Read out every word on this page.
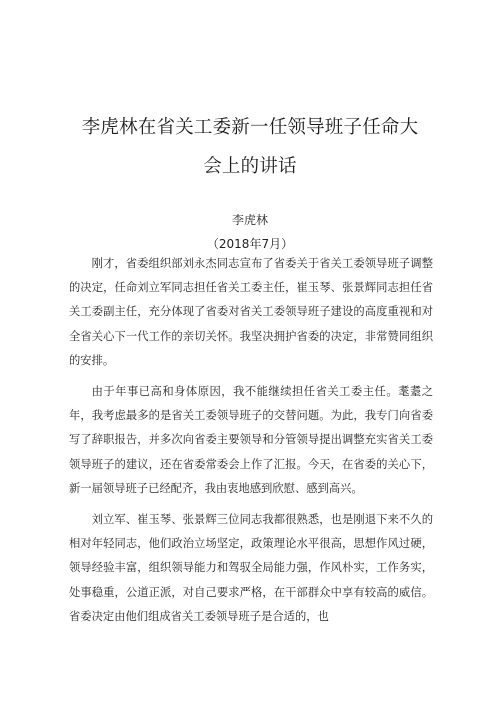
李虎林在省关工委新一任领导班子任命大
会上的讲话
李虎林
（2018年7月）

刚才，省委组织部刘永杰同志宣布了省委关于省关工委领导班子调整的决定，任命刘立军同志担任省关工委主任，崔玉琴、张景辉同志担任省关工委副主任，充分体现了省委对省关工委领导班子建设的高度重视和对全省关心下一代工作的亲切关怀。我坚决拥护省委的决定，非常赞同组织的安排。

由于年事已高和身体原因，我不能继续担任省关工委主任。耄耋之年，我考虑最多的是省关工委领导班子的交替问题。为此，我专门向省委写了辞职报告，并多次向省委主要领导和分管领导提出调整充实省关工委领导班子的建议，还在省委常委会上作了汇报。今天，在省委的关心下，新一届领导班子已经配齐，我由衷地感到欣慰、感到高兴。

刘立军、崔玉琴、张景辉三位同志我都很熟悉，也是刚退下来不久的相对年轻同志，他们政治立场坚定，政策理论水平很高，思想作风过硬，领导经验丰富，组织领导能力和驾驭全局能力强，作风朴实，工作务实，处事稳重，公道正派，对自己要求严格，在干部群众中享有较高的威信。省委决定由他们组成省关工委领导班子是合适的，也
